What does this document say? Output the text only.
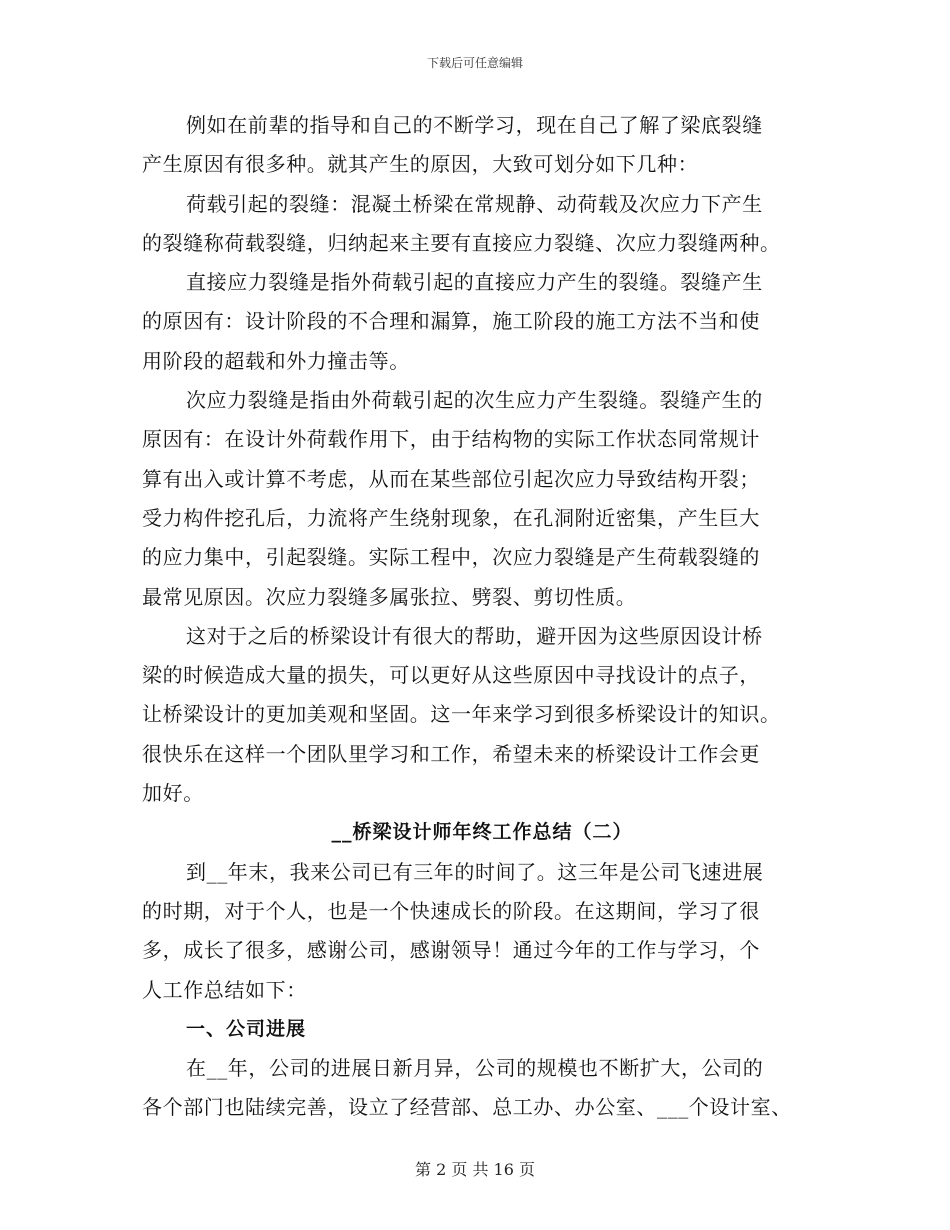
下载后可任意编辑
例如在前辈的指导和自己的不断学习，现在自己了解了梁底裂缝
产生原因有很多种。就其产生的原因，大致可划分如下几种：
荷载引起的裂缝：混凝土桥梁在常规静、动荷载及次应力下产生
的裂缝称荷载裂缝，归纳起来主要有直接应力裂缝、次应力裂缝两种。
直接应力裂缝是指外荷载引起的直接应力产生的裂缝。裂缝产生
的原因有：设计阶段的不合理和漏算，施工阶段的施工方法不当和使
用阶段的超载和外力撞击等。
次应力裂缝是指由外荷载引起的次生应力产生裂缝。裂缝产生的
原因有：在设计外荷载作用下，由于结构物的实际工作状态同常规计
算有出入或计算不考虑，从而在某些部位引起次应力导致结构开裂；
受力构件挖孔后，力流将产生绕射现象，在孔洞附近密集，产生巨大
的应力集中，引起裂缝。实际工程中，次应力裂缝是产生荷载裂缝的
最常见原因。次应力裂缝多属张拉、劈裂、剪切性质。
这对于之后的桥梁设计有很大的帮助，避开因为这些原因设计桥
梁的时候造成大量的损失，可以更好从这些原因中寻找设计的点子，
让桥梁设计的更加美观和坚固。这一年来学习到很多桥梁设计的知识。
很快乐在这样一个团队里学习和工作，希望未来的桥梁设计工作会更
加好。
__桥梁设计师年终工作总结（二）
到__年末，我来公司已有三年的时间了。这三年是公司飞速进展
的时期，对于个人，也是一个快速成长的阶段。在这期间，学习了很
多，成长了很多，感谢公司，感谢领导！通过今年的工作与学习，个
人工作总结如下：
一、公司进展
在__年，公司的进展日新月异，公司的规模也不断扩大，公司的
各个部门也陆续完善，设立了经营部、总工办、办公室、___个设计室、
第 2 页 共 16 页
